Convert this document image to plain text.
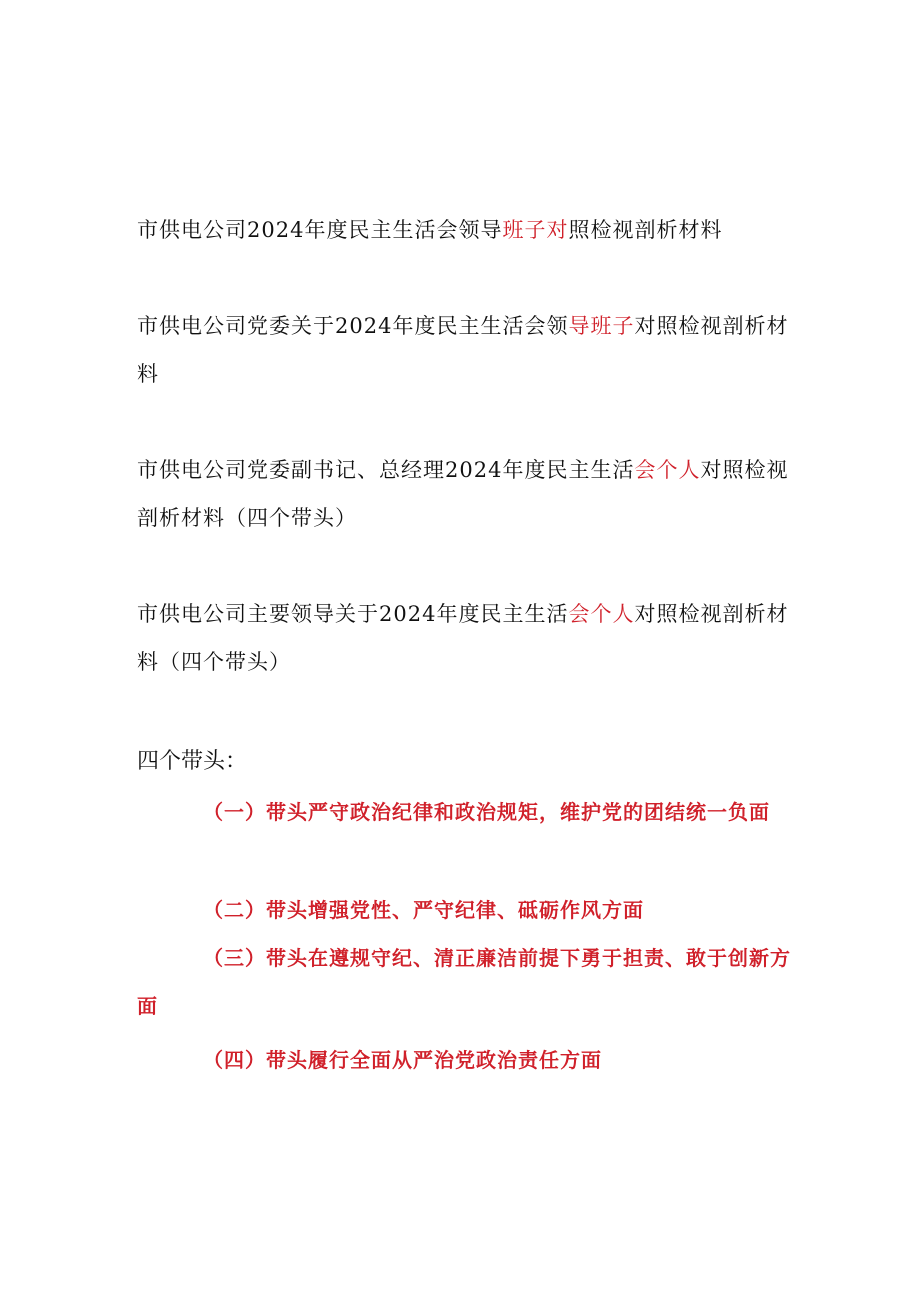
市供电公司2024年度民主生活会领导班子对照检视剖析材料
市供电公司党委关于2024年度民主生活会领导班子对照检视剖析材料
市供电公司党委副书记、总经理2024年度民主生活会个人对照检视剖析材料（四个带头）
市供电公司主要领导关于2024年度民主生活会个人对照检视剖析材料（四个带头）
四个带头：
（一）带头严守政治纪律和政治规矩，维护党的团结统一负面
（二）带头增强党性、严守纪律、砥砺作风方面
（三）带头在遵规守纪、清正廉洁前提下勇于担责、敢于创新方面
（四）带头履行全面从严治党政治责任方面
